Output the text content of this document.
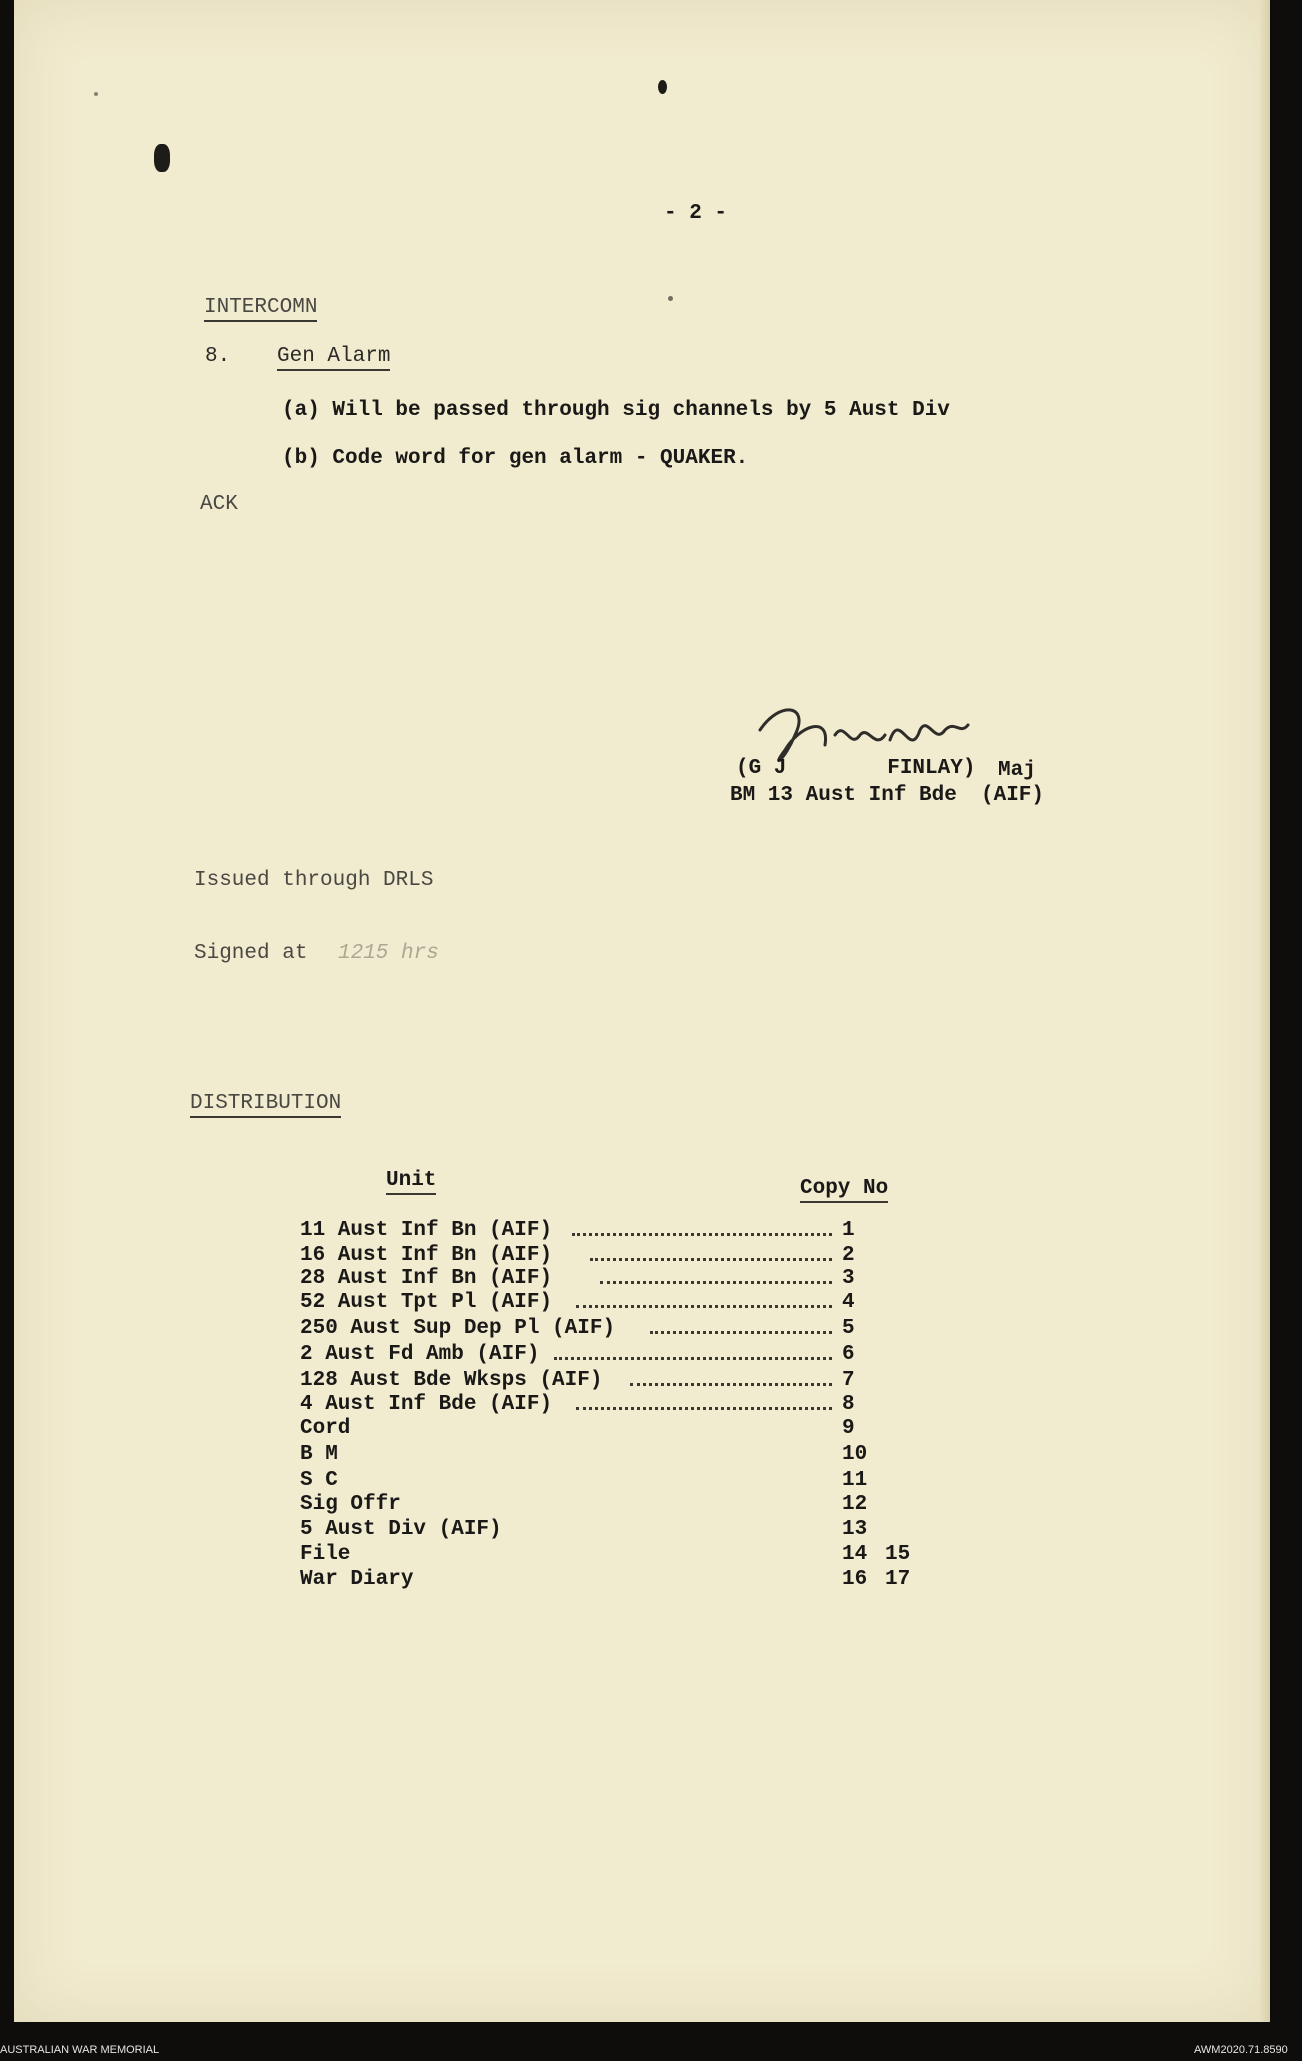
- 2 -
INTERCOMN
8. Gen Alarm
(a) Will be passed through sig channels by 5 Aust Div
(b) Code word for gen alarm - QUAKER.
ACK
(G J        FINLAY) Maj
BM 13 Aust Inf Bde (AIF)
Issued through DRLS
Signed at 1215 hrs
DISTRIBUTION
Unit	Copy No
11 Aust Inf Bn (AIF)	1
16 Aust Inf Bn (AIF)	2
28 Aust Inf Bn (AIF)	3
52 Aust Tpt Pl (AIF)	4
250 Aust Sup Dep Pl (AIF)	5
2 Aust Fd Amb (AIF)	6
128 Aust Bde Wksps (AIF)	7
4 Aust Inf Bde (AIF)	8
Cord	9
B M	10
S C	11
Sig Offr	12
5 Aust Div (AIF)	13
File	14 15
War Diary	16 17
AUSTRALIAN WAR MEMORIAL	AWM2020.71.8590
